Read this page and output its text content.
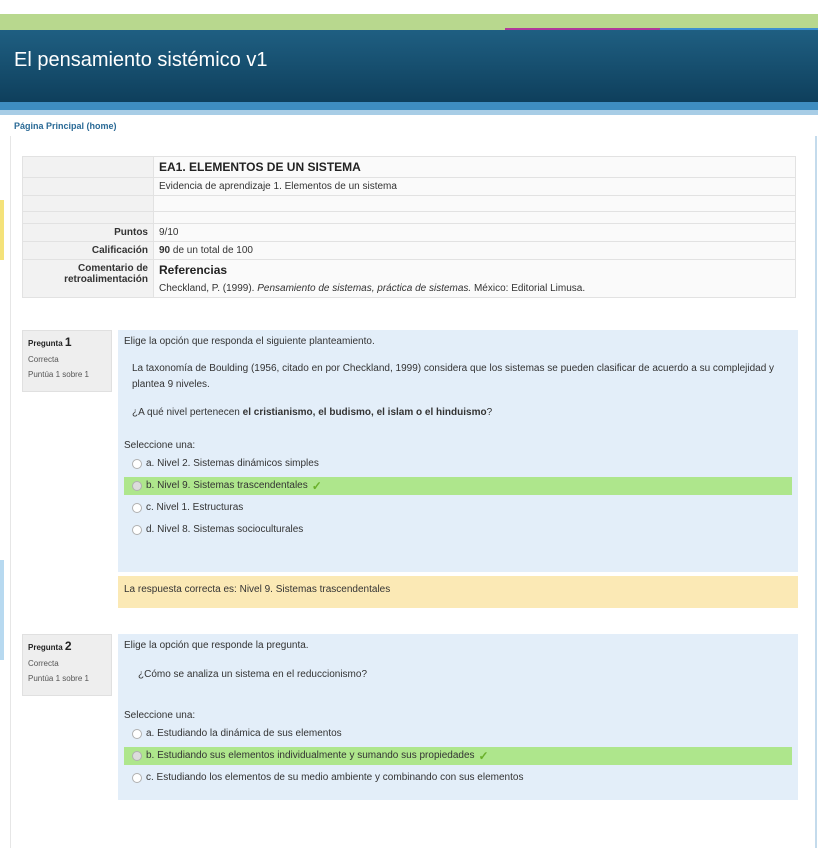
El pensamiento sistémico v1
Página Principal (home)
	EA1. ELEMENTOS DE UN SISTEMA
	Evidencia de aprendizaje 1. Elementos de un sistema

Puntos	9/10
Calificación	90 de un total de 100
Comentario de
retroalimentación	Referencias
Checkland, P. (1999). Pensamiento de sistemas, práctica de sistemas. México: Editorial Limusa.
Pregunta 1
Correcta
Puntúa 1 sobre 1

Elige la opción que responda el siguiente planteamiento.

La taxonomía de Boulding (1956, citado en por Checkland, 1999) considera que los sistemas se pueden clasificar de acuerdo a su complejidad y plantea 9 niveles.

¿A qué nivel pertenecen el cristianismo, el budismo, el islam o el hinduismo?

Seleccione una:

a. Nivel 2. Sistemas dinámicos simples
b. Nivel 9. Sistemas trascendentales ✓
c. Nivel 1. Estructuras
d. Nivel 8. Sistemas socioculturales
La respuesta correcta es: Nivel 9. Sistemas trascendentales
Pregunta 2
Correcta
Puntúa 1 sobre 1

Elige la opción que responde la pregunta.

¿Cómo se analiza un sistema en el reduccionismo?

Seleccione una:

a. Estudiando la dinámica de sus elementos
b. Estudiando sus elementos individualmente y sumando sus propiedades ✓
c. Estudiando los elementos de su medio ambiente y combinando con sus elementos
